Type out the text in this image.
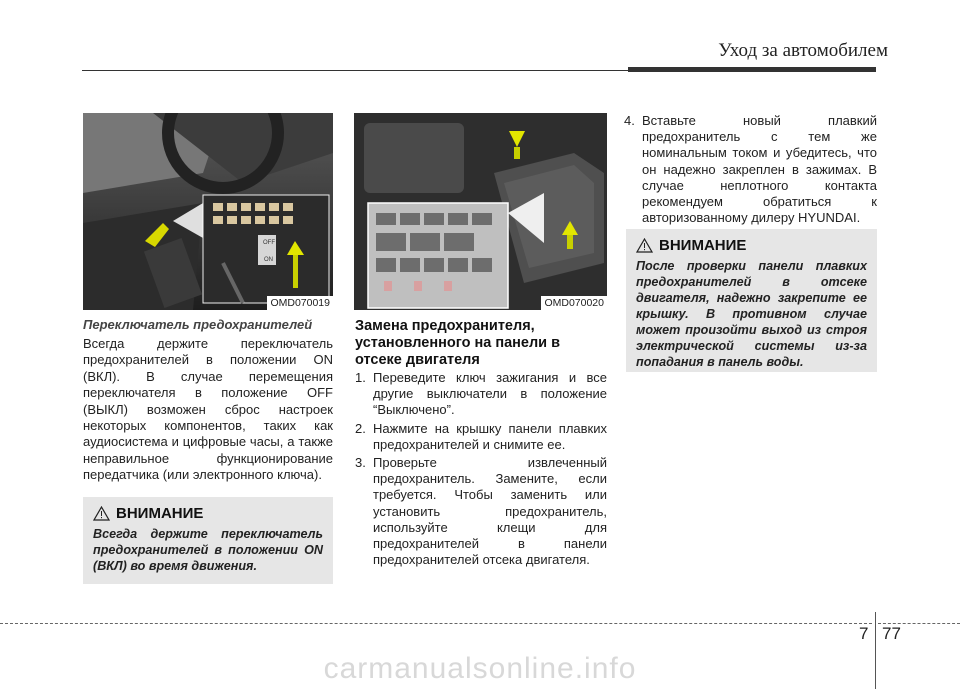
Уход за автомобилем
OFF
ON
OMD070019
Переключатель предохранителей
Всегда держите переключатель предохранителей в положении ON (ВКЛ). В случае перемещения переключателя в положение OFF (ВЫКЛ) возможен сброс настроек некоторых компонентов, таких как аудиосистема и цифровые часы, а также неправильное функционирование передатчика (или электронного ключа).
ВНИМАНИЕ
Всегда держите переключатель предохранителей в положении ON (ВКЛ) во время движения.
OMD070020
Замена предохранителя, установленного на панели в отсеке двигателя
1. Переведите ключ зажигания и все другие выключатели в положение “Выключено”.
2. Нажмите на крышку панели плавких предохранителей и снимите ее.
3. Проверьте извлеченный предохранитель. Замените, если требуется. Чтобы заменить или установить предохранитель, используйте клещи для предохранителей в панели предохранителей отсека двигателя.
4. Вставьте новый плавкий предохранитель с тем же номинальным током и убедитесь, что он надежно закреплен в зажимах. В случае неплотного контакта рекомендуем обратиться к авторизованному дилеру HYUNDAI.
ВНИМАНИЕ
После проверки панели плавких предохранителей в отсеке двигателя, надежно закрепите ее крышку. В противном случае может произойти выход из строя электрической системы из-за попадания в панель воды.
7 77
carmanualsonline.info
